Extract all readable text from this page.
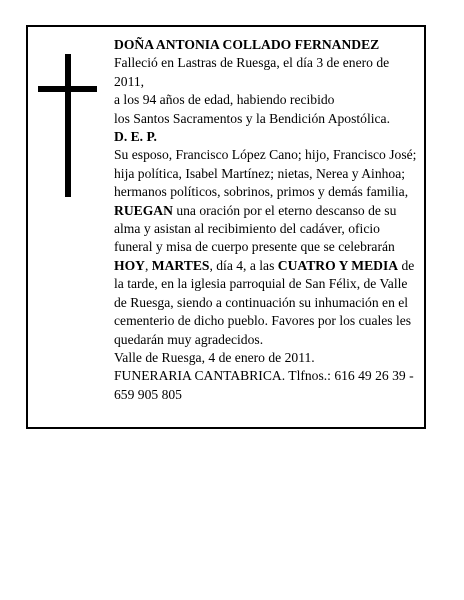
DOÑA ANTONIA COLLADO FERNANDEZ

Falleció en Lastras de Ruesga, el día 3 de enero de 2011,

a los 94 años de edad, habiendo recibido

los Santos Sacramentos y la Bendición Apostólica.

D. E. P.

Su esposo, Francisco López Cano; hijo, Francisco José; hija política, Isabel Martínez; nietas, Nerea y Ainhoa; hermanos políticos, sobrinos, primos y demás familia,

RUEGAN una oración por el eterno descanso de su alma y asistan al recibimiento del cadáver, oficio funeral y misa de cuerpo presente que se celebrarán HOY, MARTES, día 4, a las CUATRO Y MEDIA de la tarde, en la iglesia parroquial de San Félix, de Valle de Ruesga, siendo a continuación su inhumación en el cementerio de dicho pueblo. Favores por los cuales les quedarán muy agradecidos.

Valle de Ruesga, 4 de enero de 2011.

FUNERARIA CANTABRICA. Tlfnos.: 616 49 26 39 - 659 905 805
